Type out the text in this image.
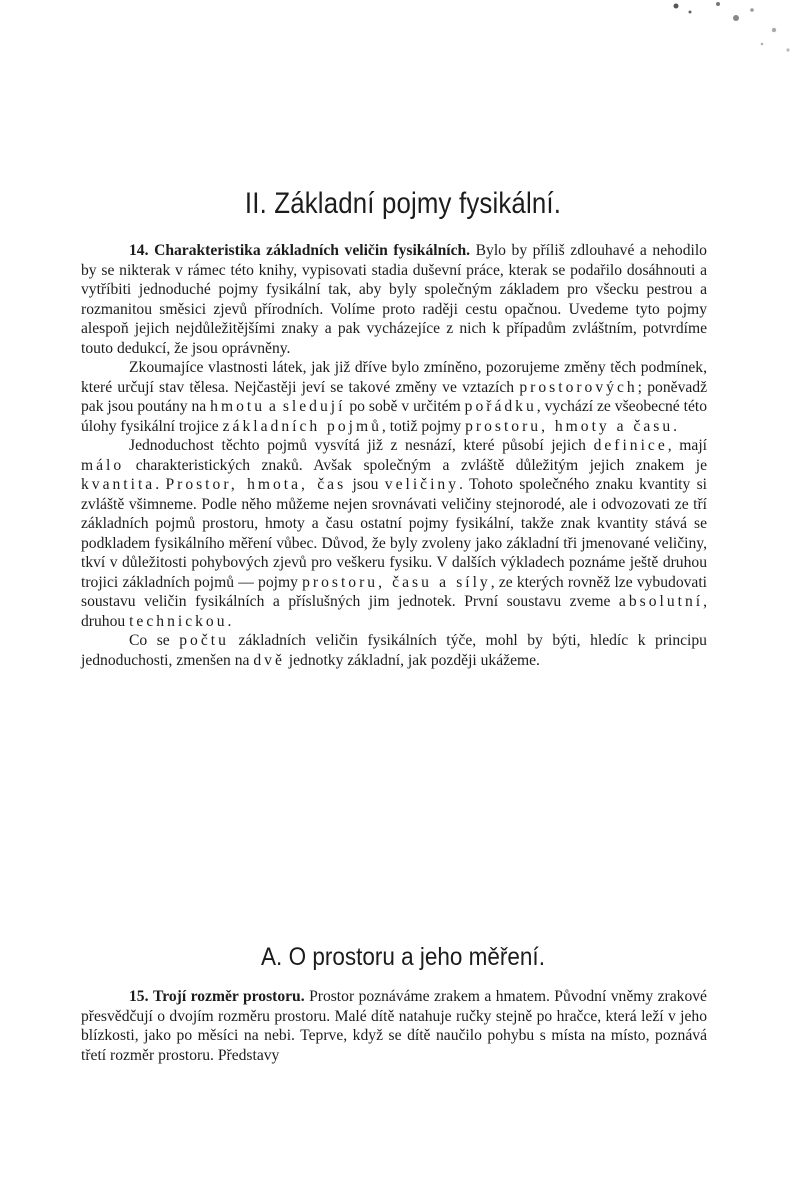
II. Základní pojmy fysikální.

14. Charakteristika základních veličin fysikálních. Bylo by příliš zdlouhavé a nehodilo by se nikterak v rámec této knihy, vypisovati stadia duševní práce, kterak se podařilo dosáhnouti a vytříbiti jednoduché pojmy fysikální tak, aby byly společným základem pro všecku pestrou a rozmanitou směsici zjevů přírodních. Volíme proto raději cestu opačnou. Uvedeme tyto pojmy alespoň jejich nejdůležitějšími znaky a pak vycházejíce z nich k případům zvláštním, potvrdíme touto dedukcí, že jsou oprávněny.

Zkoumajíce vlastnosti látek, jak již dříve bylo zmíněno, pozorujeme změny těch podmínek, které určují stav tělesa. Nejčastěji jeví se takové změny ve vztazích prostorových; poněvadž pak jsou poutány na hmotu a sledují po sobě v určitém pořádku, vychází ze všeobecné této úlohy fysikální trojice základních pojmů, totiž pojmy prostoru, hmoty a času.

Jednoduchost těchto pojmů vysvítá již z nesnází, které působí jejich definice, mají málo charakteristických znaků. Avšak společným a zvláště důležitým jejich znakem je kvantita. Prostor, hmota, čas jsou veličiny. Tohoto společného znaku kvantity si zvláště všimneme. Podle něho můžeme nejen srovnávati veličiny stejnorodé, ale i odvozovati ze tří základních pojmů prostoru, hmoty a času ostatní pojmy fysikální, takže znak kvantity stává se podkladem fysikálního měření vůbec. Důvod, že byly zvoleny jako základní tři jmenované veličiny, tkví v důležitosti pohybových zjevů pro veškeru fysiku. V dalších výkladech poznáme ještě druhou trojici základních pojmů — pojmy prostoru, času a síly, ze kterých rovněž lze vybudovati soustavu veličin fysikálních a příslušných jim jednotek. První soustavu zveme absolutní, druhou technickou.

Co se počtu základních veličin fysikálních týče, mohl by býti, hledíc k principu jednoduchosti, zmenšen na dvě jednotky základní, jak později ukážeme.

A. O prostoru a jeho měření.

15. Trojí rozměr prostoru. Prostor poznáváme zrakem a hmatem. Původní vněmy zrakové přesvědčují o dvojím rozměru prostoru. Malé dítě natahuje ručky stejně po hračce, která leží v jeho blízkosti, jako po měsíci na nebi. Teprve, když se dítě naučilo pohybu s místa na místo, poznává třetí rozměr prostoru. Představy
